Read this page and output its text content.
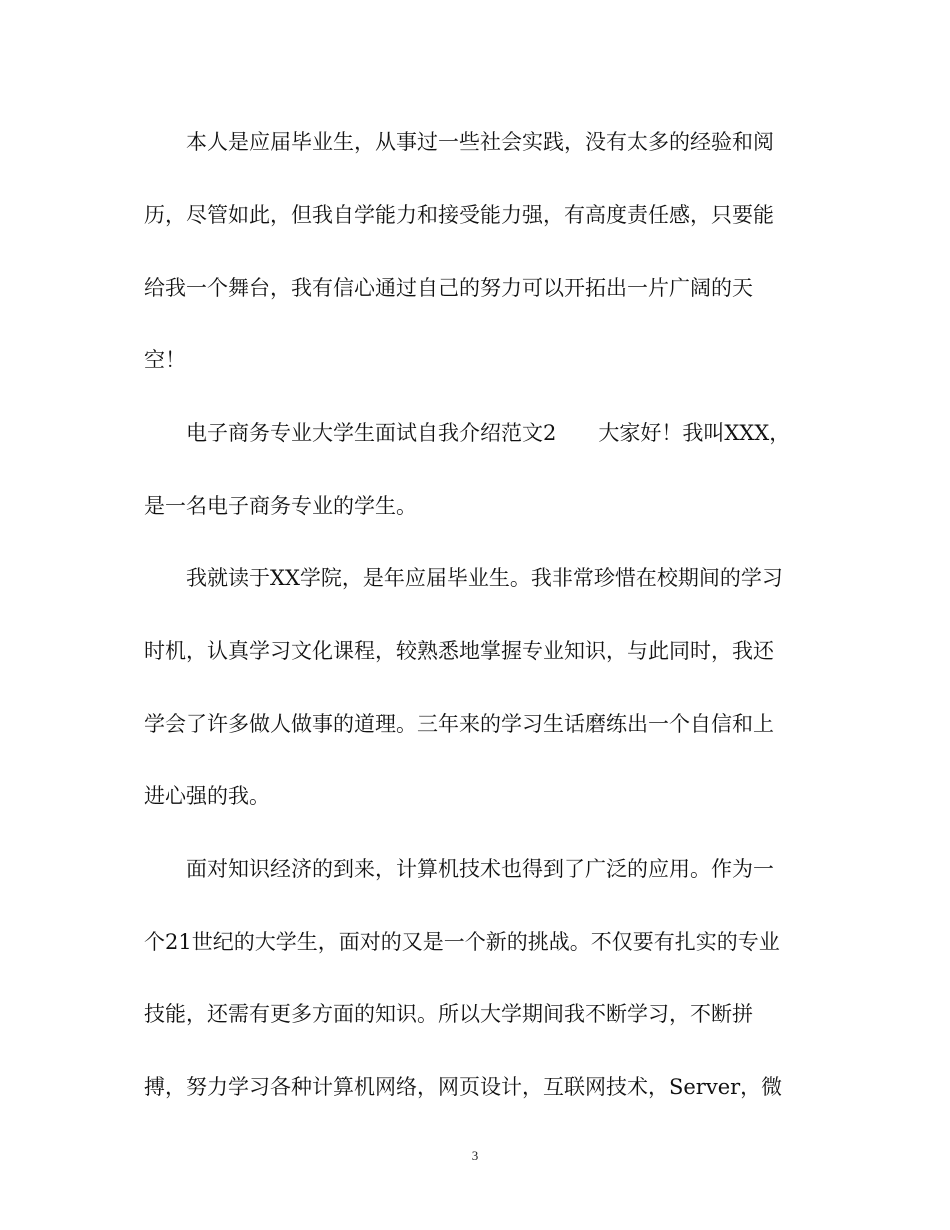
本人是应届毕业生，从事过一些社会实践，没有太多的经验和阅
历，尽管如此，但我自学能力和接受能力强，有高度责任感，只要能
给我一个舞台，我有信心通过自己的努力可以开拓出一片广阔的天
空！
电子商务专业大学生面试自我介绍范文2　　大家好！我叫XXX，
是一名电子商务专业的学生。
我就读于XX学院，是年应届毕业生。我非常珍惜在校期间的学习
时机，认真学习文化课程，较熟悉地掌握专业知识，与此同时，我还
学会了许多做人做事的道理。三年来的学习生话磨练出一个自信和上
进心强的我。
面对知识经济的到来，计算机技术也得到了广泛的应用。作为一
个21世纪的大学生，面对的又是一个新的挑战。不仅要有扎实的专业
技能，还需有更多方面的知识。所以大学期间我不断学习，不断拼
搏，努力学习各种计算机网络，网页设计，互联网技术，Server，微
3
